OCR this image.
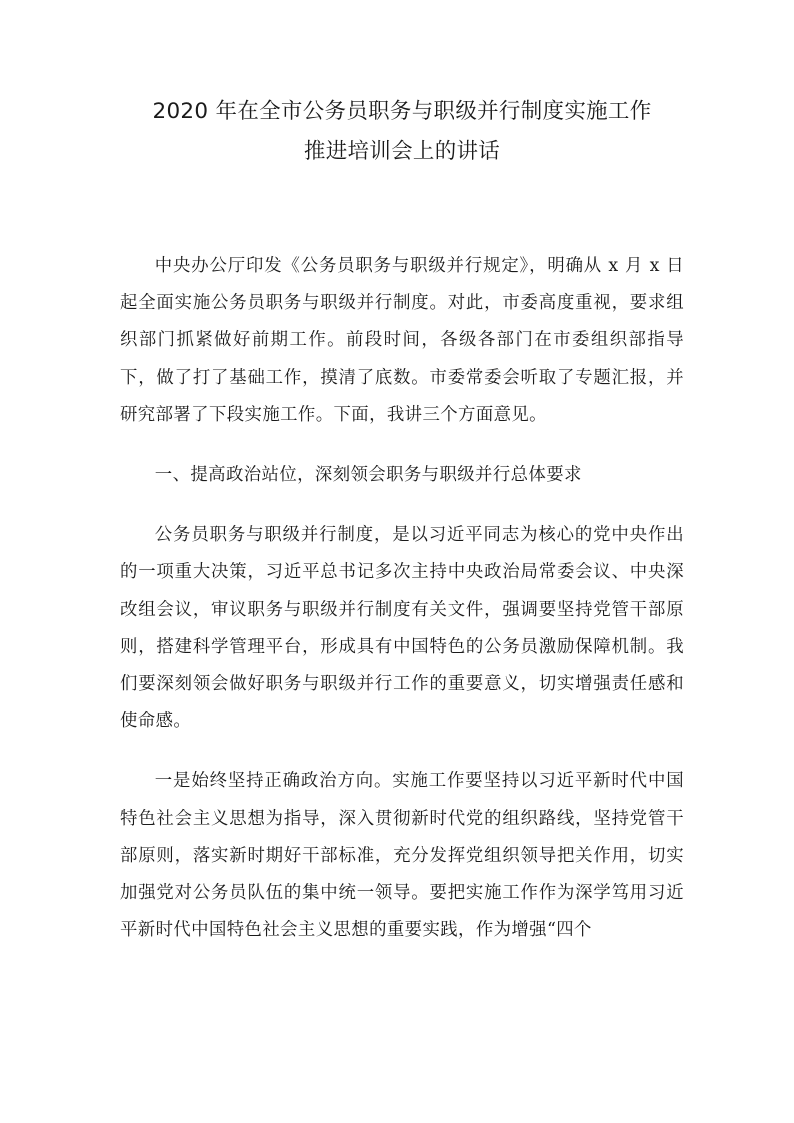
2020 年在全市公务员职务与职级并行制度实施工作
推进培训会上的讲话

中央办公厅印发《公务员职务与职级并行规定》，明确从 x 月 x 日起全面实施公务员职务与职级并行制度。对此，市委高度重视，要求组织部门抓紧做好前期工作。前段时间，各级各部门在市委组织部指导下，做了打了基础工作，摸清了底数。市委常委会听取了专题汇报，并研究部署了下段实施工作。下面，我讲三个方面意见。

一、提高政治站位，深刻领会职务与职级并行总体要求

公务员职务与职级并行制度，是以习近平同志为核心的党中央作出的一项重大决策，习近平总书记多次主持中央政治局常委会议、中央深改组会议，审议职务与职级并行制度有关文件，强调要坚持党管干部原则，搭建科学管理平台，形成具有中国特色的公务员激励保障机制。我们要深刻领会做好职务与职级并行工作的重要意义，切实增强责任感和使命感。

一是始终坚持正确政治方向。实施工作要坚持以习近平新时代中国特色社会主义思想为指导，深入贯彻新时代党的组织路线，坚持党管干部原则，落实新时期好干部标准，充分发挥党组织领导把关作用，切实加强党对公务员队伍的集中统一领导。要把实施工作作为深学笃用习近平新时代中国特色社会主义思想的重要实践，作为增强“四个
